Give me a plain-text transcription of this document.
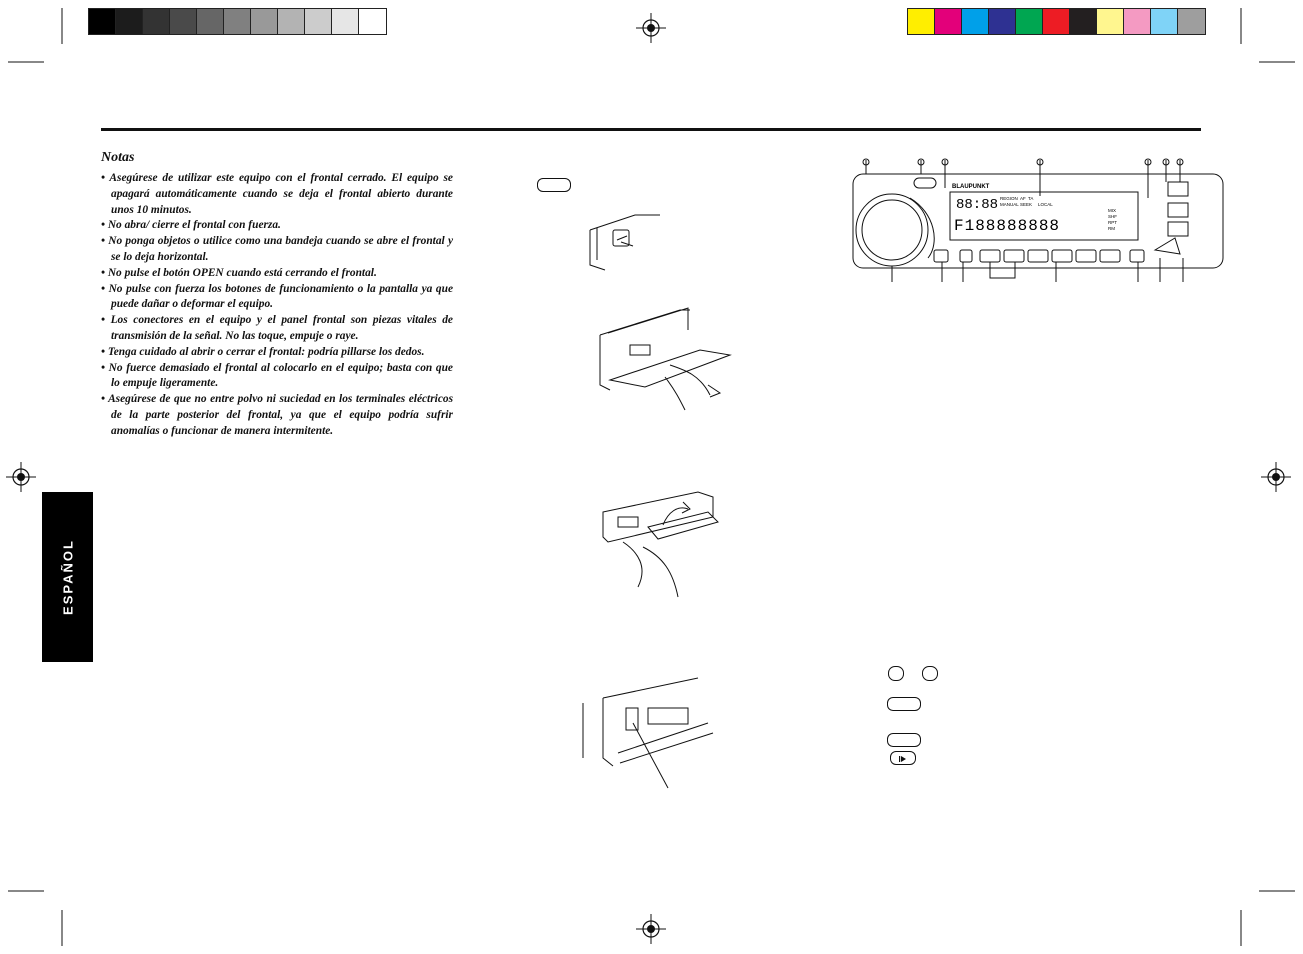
Notas
• Asegúrese de utilizar este equipo con el frontal cerrado. El equipo se apagará automáticamente cuando se deja el frontal abierto durante unos 10 minutos.
• No abra/ cierre el frontal con fuerza.
• No ponga objetos o utilice como una bandeja cuando se abre el frontal y se lo deja horizontal.
• No pulse el botón OPEN cuando está cerrando el frontal.
• No pulse con fuerza los botones de funcionamiento o la pantalla ya que puede dañar o deformar el equipo.
• Los conectores en el equipo y el panel frontal son piezas vitales de transmisión de la señal. No las toque, empuje o raye.
• Tenga cuidado al abrir o cerrar el frontal: podría pillarse los dedos.
• No fuerce demasiado el frontal al colocarlo en el equipo; basta con que lo empuje ligeramente.
• Asegúrese de que no entre polvo ni suciedad en los terminales eléctricos de la parte posterior del frontal, ya que el equipo podría sufrir anomalías o funcionar de manera intermitente.
ESPAÑOL
BLAUPUNKT
88:88
F188888888
REGION AF TA
MANUAL SEEK LOCAL
MIX
SHF
RPT
RM
